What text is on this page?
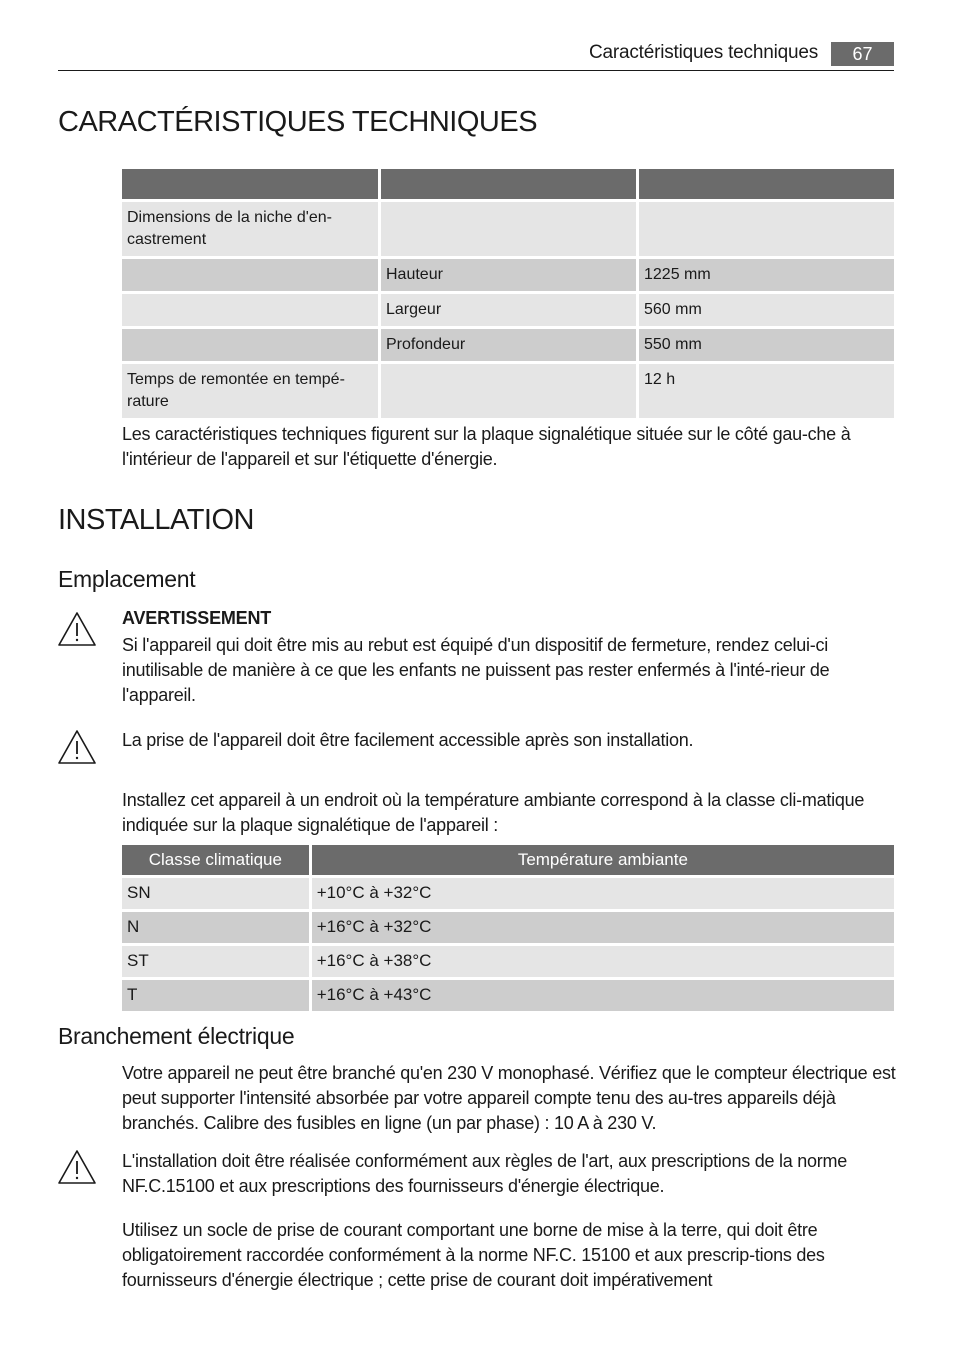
Caractéristiques techniques	67
CARACTÉRISTIQUES TECHNIQUES

Dimensions de la niche d'en-castrement		
	Hauteur	1225 mm
	Largeur	560 mm
	Profondeur	550 mm
Temps de remontée en tempé-rature		12 h

Les caractéristiques techniques figurent sur la plaque signalétique située sur le côté gau-che à l'intérieur de l'appareil et sur l'étiquette d'énergie.

INSTALLATION
Emplacement

AVERTISSEMENT

Si l'appareil qui doit être mis au rebut est équipé d'un dispositif de fermeture, rendez celui-ci inutilisable de manière à ce que les enfants ne puissent pas rester enfermés à l'inté-rieur de l'appareil.

La prise de l'appareil doit être facilement accessible après son installation.

Installez cet appareil à un endroit où la température ambiante correspond à la classe cli-matique indiquée sur la plaque signalétique de l'appareil :

Classe climatique	Température ambiante
SN	+10°C à +32°C
N	+16°C à +32°C
ST	+16°C à +38°C
T	+16°C à +43°C
Branchement électrique

Votre appareil ne peut être branché qu'en 230 V monophasé. Vérifiez que le compteur électrique est peut supporter l'intensité absorbée par votre appareil compte tenu des au-tres appareils déjà branchés. Calibre des fusibles en ligne (un par phase) : 10 A à 230 V.

L'installation doit être réalisée conformément aux règles de l'art, aux prescriptions de la norme NF.C.15100 et aux prescriptions des fournisseurs d'énergie électrique.

Utilisez un socle de prise de courant comportant une borne de mise à la terre, qui doit être obligatoirement raccordée conformément à la norme NF.C. 15100 et aux prescrip-tions des fournisseurs d'énergie électrique ; cette prise de courant doit impérativement
